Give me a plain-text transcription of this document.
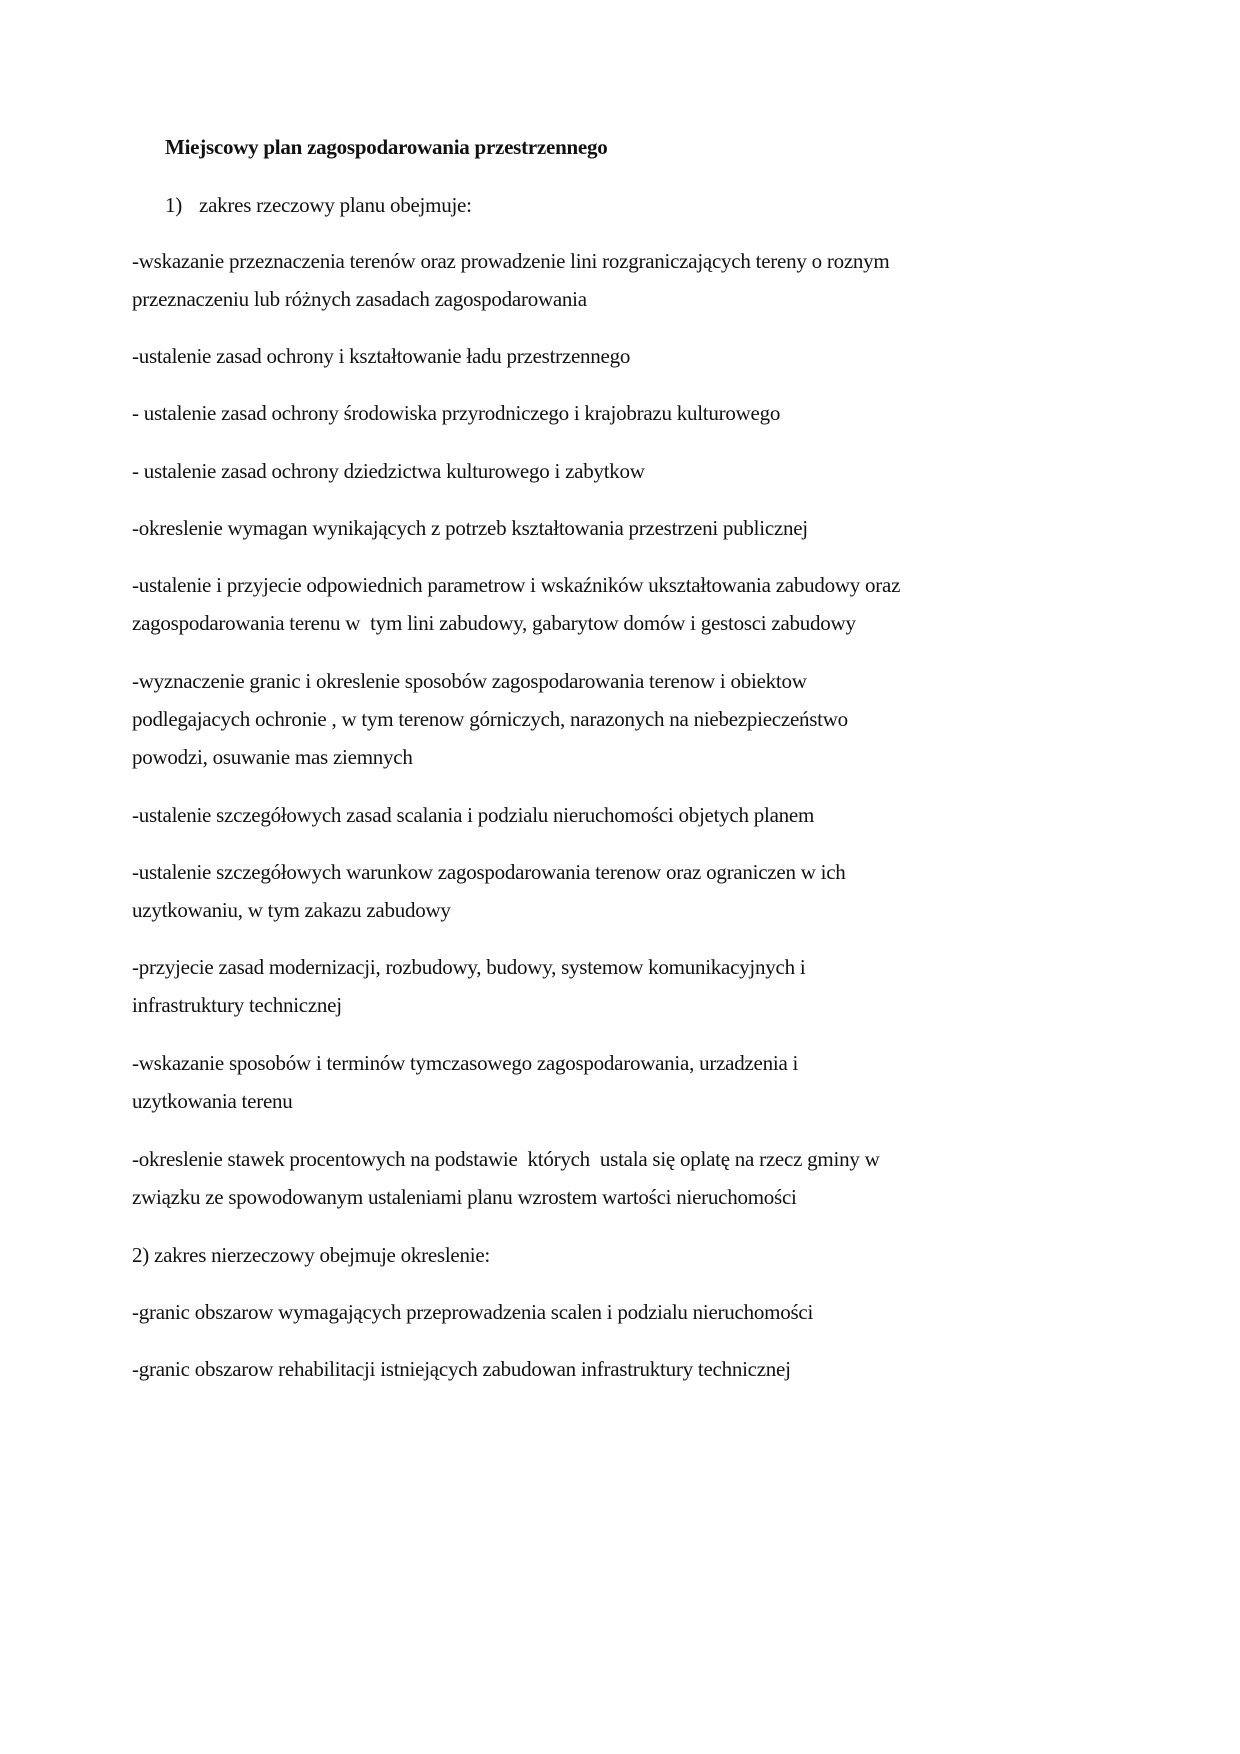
Miejscowy plan zagospodarowania przestrzennego
1) zakres rzeczowy planu obejmuje:
2) zakres nierzeczowy obejmuje okreslenie:
-wskazanie przeznaczenia terenów oraz prowadzenie lini rozgraniczających tereny o roznym
przeznaczeniu lub różnych zasadach zagospodarowania
-ustalenie zasad ochrony i kształtowanie ładu przestrzennego
- ustalenie zasad ochrony środowiska przyrodniczego i krajobrazu kulturowego
- ustalenie zasad ochrony dziedzictwa kulturowego i zabytkow
-okreslenie wymagan wynikających z potrzeb kształtowania przestrzeni publicznej
-ustalenie i przyjecie odpowiednich parametrow i wskaźników ukształtowania zabudowy oraz
zagospodarowania terenu w  tym lini zabudowy, gabarytow domów i gestosci zabudowy
-wyznaczenie granic i okreslenie sposobów zagospodarowania terenow i obiektow
podlegajacych ochronie , w tym terenow górniczych, narazonych na niebezpieczeństwo
powodzi, osuwanie mas ziemnych
-ustalenie szczegółowych zasad scalania i podzialu nieruchomości objetych planem
-ustalenie szczegółowych warunkow zagospodarowania terenow oraz ograniczen w ich
uzytkowaniu, w tym zakazu zabudowy
-przyjecie zasad modernizacji, rozbudowy, budowy, systemow komunikacyjnych i
infrastruktury technicznej
-wskazanie sposobów i terminów tymczasowego zagospodarowania, urzadzenia i
uzytkowania terenu
-okreslenie stawek procentowych na podstawie  których  ustala się oplatę na rzecz gminy w
związku ze spowodowanym ustaleniami planu wzrostem wartości nieruchomości
-granic obszarow wymagających przeprowadzenia scalen i podzialu nieruchomości
-granic obszarow rehabilitacji istniejących zabudowan infrastruktury technicznej
